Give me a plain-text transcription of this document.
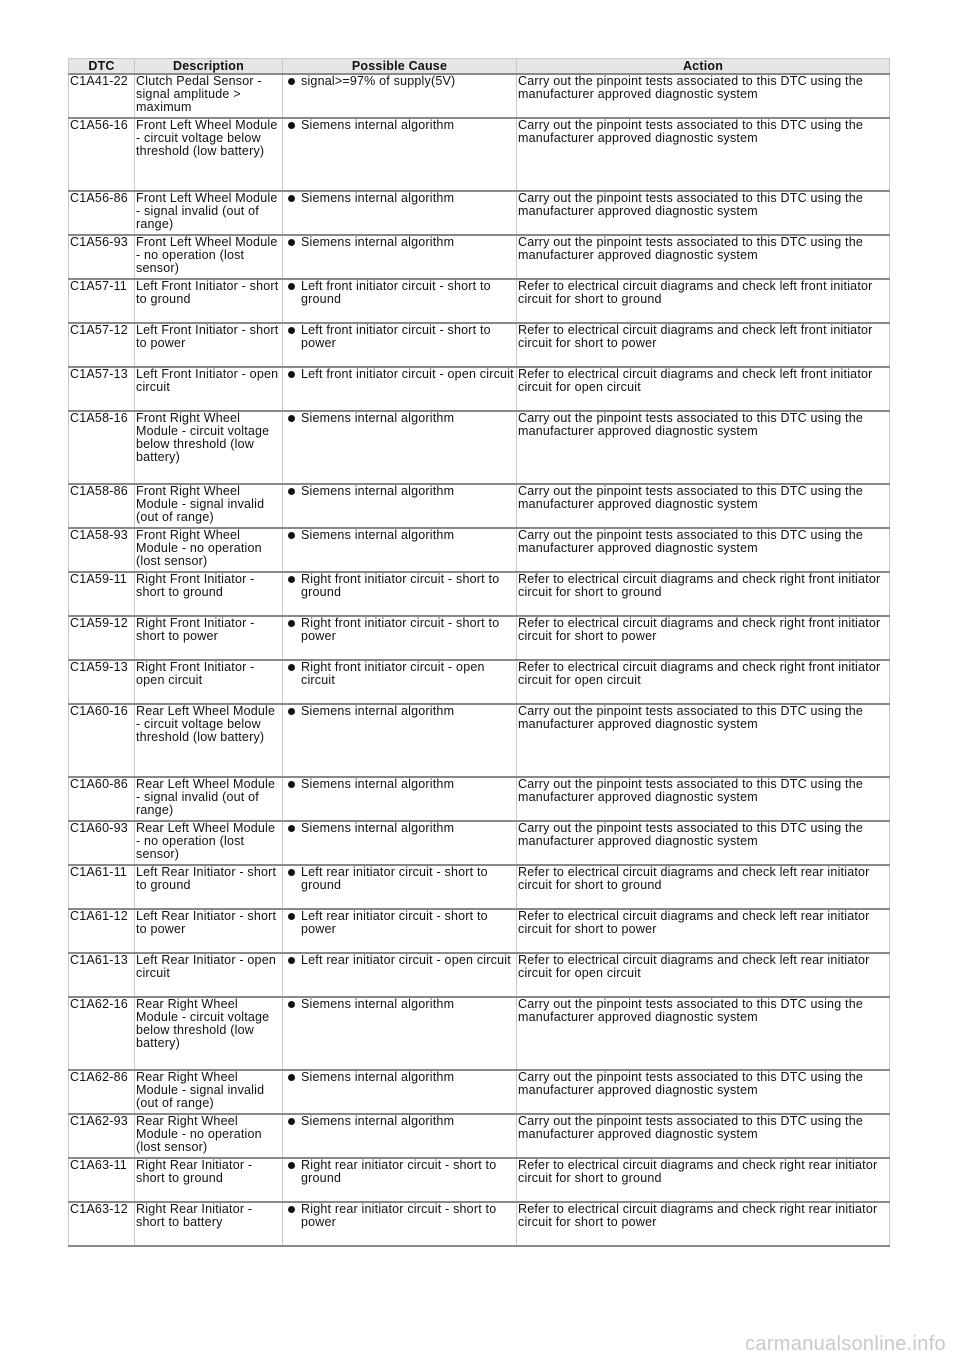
DTC	Description	Possible Cause	Action
C1A41-22	Clutch Pedal Sensor - signal amplitude > maximum	signal>=97% of supply(5V)	Carry out the pinpoint tests associated to this DTC using the manufacturer approved diagnostic system
C1A56-16	Front Left Wheel Module - circuit voltage below threshold (low battery)	Siemens internal algorithm	Carry out the pinpoint tests associated to this DTC using the manufacturer approved diagnostic system
C1A56-86	Front Left Wheel Module - signal invalid (out of range)	Siemens internal algorithm	Carry out the pinpoint tests associated to this DTC using the manufacturer approved diagnostic system
C1A56-93	Front Left Wheel Module - no operation (lost sensor)	Siemens internal algorithm	Carry out the pinpoint tests associated to this DTC using the manufacturer approved diagnostic system
C1A57-11	Left Front Initiator - short to ground	Left front initiator circuit - short to ground	Refer to electrical circuit diagrams and check left front initiator circuit for short to ground
C1A57-12	Left Front Initiator - short to power	Left front initiator circuit - short to power	Refer to electrical circuit diagrams and check left front initiator circuit for short to power
C1A57-13	Left Front Initiator - open circuit	Left front initiator circuit - open circuit	Refer to electrical circuit diagrams and check left front initiator circuit for open circuit
C1A58-16	Front Right Wheel Module - circuit voltage below threshold (low battery)	Siemens internal algorithm	Carry out the pinpoint tests associated to this DTC using the manufacturer approved diagnostic system
C1A58-86	Front Right Wheel Module - signal invalid (out of range)	Siemens internal algorithm	Carry out the pinpoint tests associated to this DTC using the manufacturer approved diagnostic system
C1A58-93	Front Right Wheel Module - no operation (lost sensor)	Siemens internal algorithm	Carry out the pinpoint tests associated to this DTC using the manufacturer approved diagnostic system
C1A59-11	Right Front Initiator - short to ground	Right front initiator circuit - short to ground	Refer to electrical circuit diagrams and check right front initiator circuit for short to ground
C1A59-12	Right Front Initiator - short to power	Right front initiator circuit - short to power	Refer to electrical circuit diagrams and check right front initiator circuit for short to power
C1A59-13	Right Front Initiator - open circuit	Right front initiator circuit - open circuit	Refer to electrical circuit diagrams and check right front initiator circuit for open circuit
C1A60-16	Rear Left Wheel Module - circuit voltage below threshold (low battery)	Siemens internal algorithm	Carry out the pinpoint tests associated to this DTC using the manufacturer approved diagnostic system
C1A60-86	Rear Left Wheel Module - signal invalid (out of range)	Siemens internal algorithm	Carry out the pinpoint tests associated to this DTC using the manufacturer approved diagnostic system
C1A60-93	Rear Left Wheel Module - no operation (lost sensor)	Siemens internal algorithm	Carry out the pinpoint tests associated to this DTC using the manufacturer approved diagnostic system
C1A61-11	Left Rear Initiator - short to ground	Left rear initiator circuit - short to ground	Refer to electrical circuit diagrams and check left rear initiator circuit for short to ground
C1A61-12	Left Rear Initiator - short to power	Left rear initiator circuit - short to power	Refer to electrical circuit diagrams and check left rear initiator circuit for short to power
C1A61-13	Left Rear Initiator - open circuit	Left rear initiator circuit - open circuit	Refer to electrical circuit diagrams and check left rear initiator circuit for open circuit
C1A62-16	Rear Right Wheel Module - circuit voltage below threshold (low battery)	Siemens internal algorithm	Carry out the pinpoint tests associated to this DTC using the manufacturer approved diagnostic system
C1A62-86	Rear Right Wheel Module - signal invalid (out of range)	Siemens internal algorithm	Carry out the pinpoint tests associated to this DTC using the manufacturer approved diagnostic system
C1A62-93	Rear Right Wheel Module - no operation (lost sensor)	Siemens internal algorithm	Carry out the pinpoint tests associated to this DTC using the manufacturer approved diagnostic system
C1A63-11	Right Rear Initiator - short to ground	Right rear initiator circuit - short to ground	Refer to electrical circuit diagrams and check right rear initiator circuit for short to ground
C1A63-12	Right Rear Initiator - short to battery	Right rear initiator circuit - short to power	Refer to electrical circuit diagrams and check right rear initiator circuit for short to power
carmanualsonline.info
